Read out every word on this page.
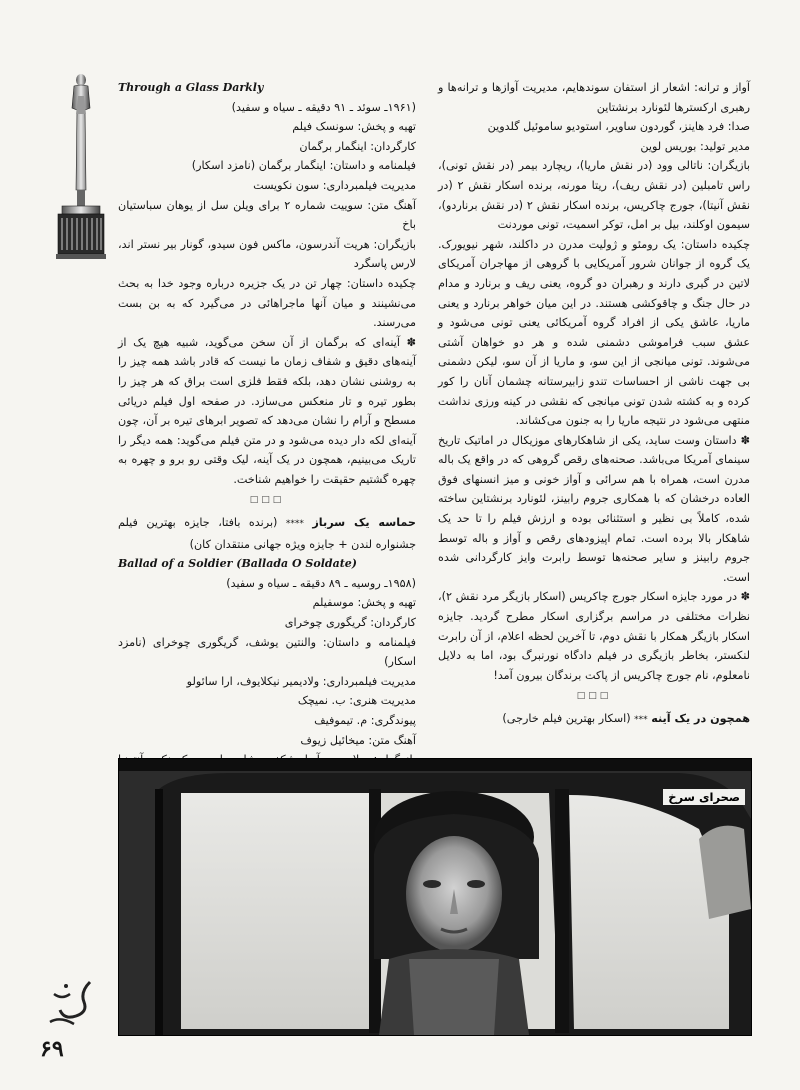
آواز و ترانه: اشعار از استفان سوندهایم، مدیریت آوازها و ترانه‌ها و رهبری ارکسترها لئونارد برنشتاین

صدا: فرد هاینز، گوردون ساویر، استودیو ساموئیل گلدوین

مدیر تولید: بوریس لوین

بازیگران: ناتالی وود (در نقش ماریا)، ریچارد بیمر (در نقش تونی)، راس تامبلین (در نقش ریف)، ریتا مورنه، برنده اسکار نقش ۲ (در نقش آنیتا)، جورج چاکریس، برنده اسکار نقش ۲ (در نقش برناردو)، سیمون اوکلند، بیل بر امل، توکر اسمیت، تونی موردنت

چکیده داستان: یک رومئو و ژولیت مدرن در داکلند، شهر نیویورک. یک گروه از جوانان شرور آمریکایی با گروهی از مهاجران آمریکای لاتین در گیری دارند و رهبران دو گروه، یعنی ریف و برنارد و مدام در حال جنگ و چاقوکشی هستند. در این میان خواهر برنارد و یعنی ماریا، عاشق یکی از افراد گروه آمریکائی یعنی تونی می‌شود و عشق سبب فراموشی دشمنی شده و هر دو خواهان آشتی می‌شوند. تونی میانجی از این سو، و ماریا از آن سو، لیکن دشمنی بی جهت ناشی از احساسات تندو زابیرستانه چشمان آنان را کور کرده و به کشته شدن تونی میانجی که نقشی در کینه ورزی نداشت منتهی می‌شود در نتیجه ماریا را به جنون می‌کشاند.

✽ داستان وست ساید، یکی از شاهکارهای موزیکال در اماتیک تاریخ سینمای آمریکا می‌باشد. صحنه‌های رقص گروهی که در واقع یک باله مدرن است، همراه با هم سرائی و آواز خونی و میز انسنهای فوق العاده درخشان که با همکاری جروم رابینز، لئونارد برنشتاین ساخته شده، کاملاً بی نظیر و استثنائی بوده و ارزش فیلم را تا حد یک شاهکار بالا برده است. تمام اپیزودهای رقص و آواز و باله توسط جروم رابینز و سایر صحنه‌ها توسط رابرت وایز کارگردانی شده است.

✽ در مورد جایزه اسکار جورج چاکریس (اسکار بازیگر مرد نقش ۲)، نظرات مختلفی در مراسم برگزاری اسکار مطرح گردید. جایزه اسکار بازیگر همکار با نقش دوم، تا آخرین لحظه اعلام، از آن رابرت لنکستر، بخاطر بازیگری در فیلم دادگاه نورنبرگ بود، اما به دلایل نامعلوم، نام جورج چاکریس از پاکت برندگان بیرون آمد!

□□□

همچون در یک آینه *** (اسکار بهترین فیلم خارجی)

Through a Glass Darkly

(۱۹۶۱ـ سوئد ـ ۹۱ دقیقه ـ سیاه و سفید)

تهیه و پخش: سونسک فیلم

کارگردان: اینگمار برگمان

فیلمنامه و داستان: اینگمار برگمان (نامزد اسکار)

مدیریت فیلمبرداری: سون نکویست

آهنگ متن: سوییت شماره ۲ برای ویلن سل از یوهان سباستیان باخ

بازیگران: هریت آندرسون، ماکس فون سیدو، گونار بیر نستر اند، لارس پاسگرد

چکیده داستان: چهار تن در یک جزیره درباره وجود خدا به بحث می‌نشینند و میان آنها ماجراهائی در می‌گیرد که به بن بست می‌رسند.

✽ آینه‌ای که برگمان از آن سخن می‌گوید، شبیه هیچ یک از آینه‌های دقیق و شفاف زمان ما نیست که قادر باشد همه چیز را به روشنی نشان دهد، بلکه فقط فلزی است براق که هر چیز را بطور تیره و تار منعکس می‌سازد. در صفحه اول فیلم دریائی مسطح و آرام را نشان می‌دهد که تصویر ابرهای تیره بر آن، چون آینه‌ای لکه دار دیده می‌شود و در متن فیلم می‌گوید: همه دیگر را تاریک می‌بینیم، همچون در یک آینه، لیک وقتی رو برو و چهره به چهره گشتیم حقیقت را خواهیم شناخت.

□□□

حماسه یک سرباز **** (برنده بافتا، جایزه بهترین فیلم جشنواره لندن + جایزه ویژه جهانی منتقدان کان)

Ballad of a Soldier (Ballada O Soldate)

(۱۹۵۸ـ روسیه ـ ۸۹ دقیقه ـ سیاه و سفید)

تهیه و پخش: موسفیلم

کارگردان: گریگوری چوخرای

فیلمنامه و داستان: والنتین یوشف، گریگوری چوخرای (نامزد اسکار)

مدیریت فیلمبرداری: ولادیمیر نیکلایوف، ارا سائولو

مدیریت هنری: ب. نمیچک

پیوندگری: م. تیموفیف

آهنگ متن: میخائیل زیوف

صحرای سرخ
۶۹
